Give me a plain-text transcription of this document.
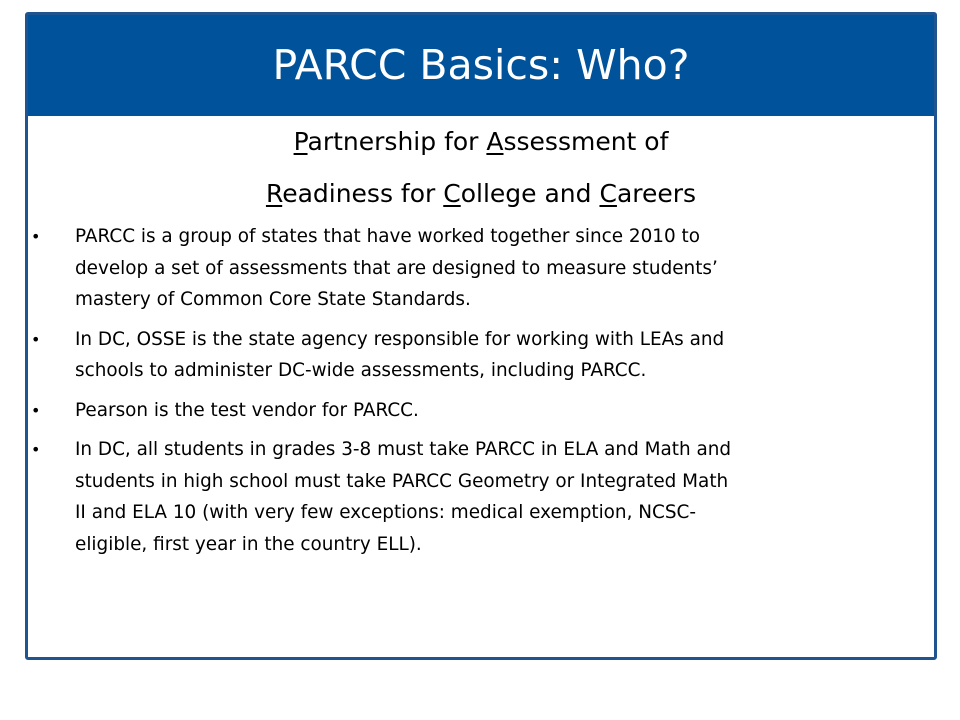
PARCC Basics: Who?
Partnership for Assessment of
Readiness for College and Careers
• PARCC is a group of states that have worked together since 2010 to
develop a set of assessments that are designed to measure students’
mastery of Common Core State Standards.
• In DC, OSSE is the state agency responsible for working with LEAs and
schools to administer DC-wide assessments, including PARCC.
• Pearson is the test vendor for PARCC.
• In DC, all students in grades 3-8 must take PARCC in ELA and Math and
students in high school must take PARCC Geometry or Integrated Math
II and ELA 10 (with very few exceptions: medical exemption, NCSC-
eligible, first year in the country ELL).
